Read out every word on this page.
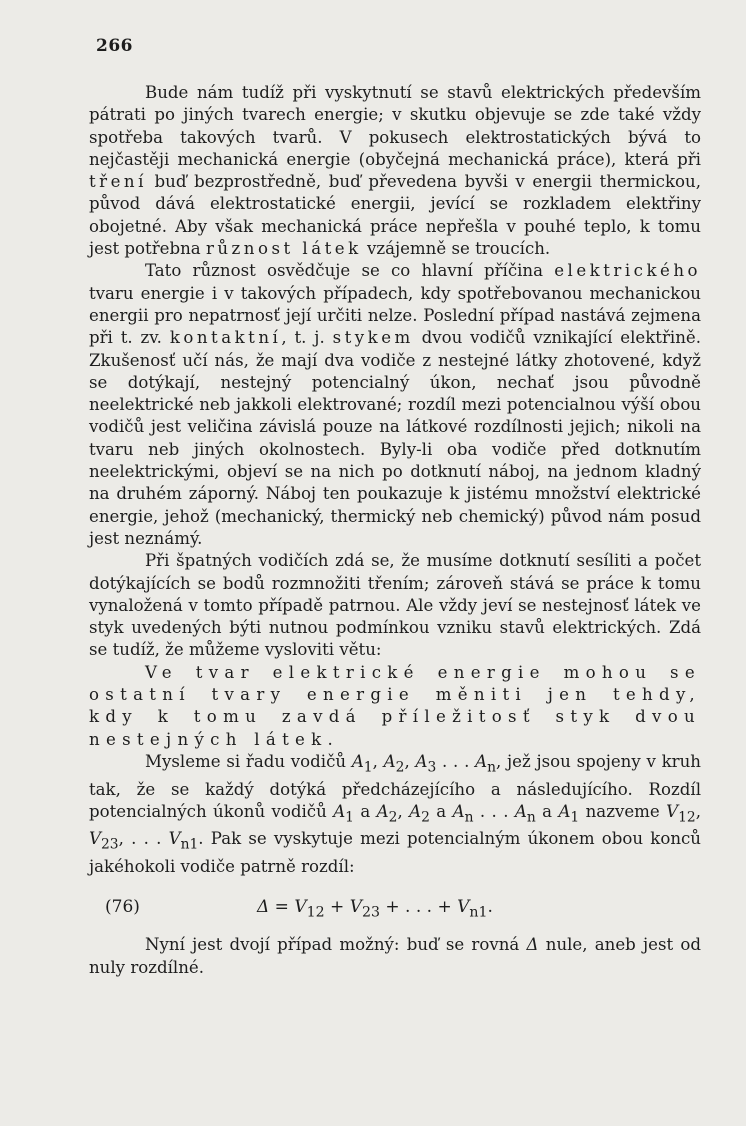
266

Bude nám tudíž při vyskytnutí se stavů elektrických především pátrati po jiných tvarech energie; v skutku objevuje se zde také vždy spotřeba takových tvarů. V pokusech elektrostatických bývá to nejčastěji mechanická energie (obyčejná mechanická práce), která při tření buď bezprostředně, buď převedena byvši v energii thermickou, původ dává elektrostatické energii, jevící se rozkladem elektřiny obojetné. Aby však mechanická práce nepřešla v pouhé teplo, k tomu jest potřebna různost látek vzájemně se troucích.

Tato různost osvědčuje se co hlavní příčina elektrického tvaru energie i v takových případech, kdy spotřebovanou mechanickou energii pro nepatrnosť její určiti nelze. Poslední případ nastává zejmena při t. zv. kontaktní, t. j. stykem dvou vodičů vznikající elektřině. Zkušenosť učí nás, že mají dva vodiče z nestejné látky zhotovené, když se dotýkají, nestejný potencialný úkon, nechať jsou původně neelektrické neb jakkoli elektrované; rozdíl mezi potencialnou výší obou vodičů jest veličina závislá pouze na látkové rozdílnosti jejich; nikoli na tvaru neb jiných okolnostech. Byly-li oba vodiče před dotknutím neelektrickými, objeví se na nich po dotknutí náboj, na jednom kladný na druhém záporný. Náboj ten poukazuje k jistému množství elektrické energie, jehož (mechanický, thermický neb chemický) původ nám posud jest neznámý.

Při špatných vodičích zdá se, že musíme dotknutí sesíliti a počet dotýkajících se bodů rozmnožiti třením; zároveň stává se práce k tomu vynaložená v tomto případě patrnou. Ale vždy jeví se nestejnosť látek ve styk uvedených býti nutnou podmínkou vzniku stavů elektrických. Zdá se tudíž, že můžeme vysloviti větu:

Ve tvar elektrické energie mohou se ostatní tvary energie měniti jen tehdy, kdy k tomu zavdá příležitosť styk dvou nestejných látek.

Mysleme si řadu vodičů $A_1$, $A_2$, $A_3$ . . . $A_n$, jež jsou spojeny v kruh tak, že se každý dotýká předcházejícího a následujícího. Rozdíl potencialných úkonů vodičů $A_1$ a $A_2$, $A_2$ a $A_n$ . . . $A_n$ a $A_1$ nazveme $V_{12}$, $V_{23}$, . . . $V_{n1}$. Pak se vyskytuje mezi potencialným úkonem obou konců jakéhokoli vodiče patrně rozdíl:

(76)	$\Delta = V_{12} + V_{23}$ + . . . + $V_{n1}$.

Nyní jest dvojí případ možný: buď se rovná Δ nule, aneb jest od nuly rozdílné.
